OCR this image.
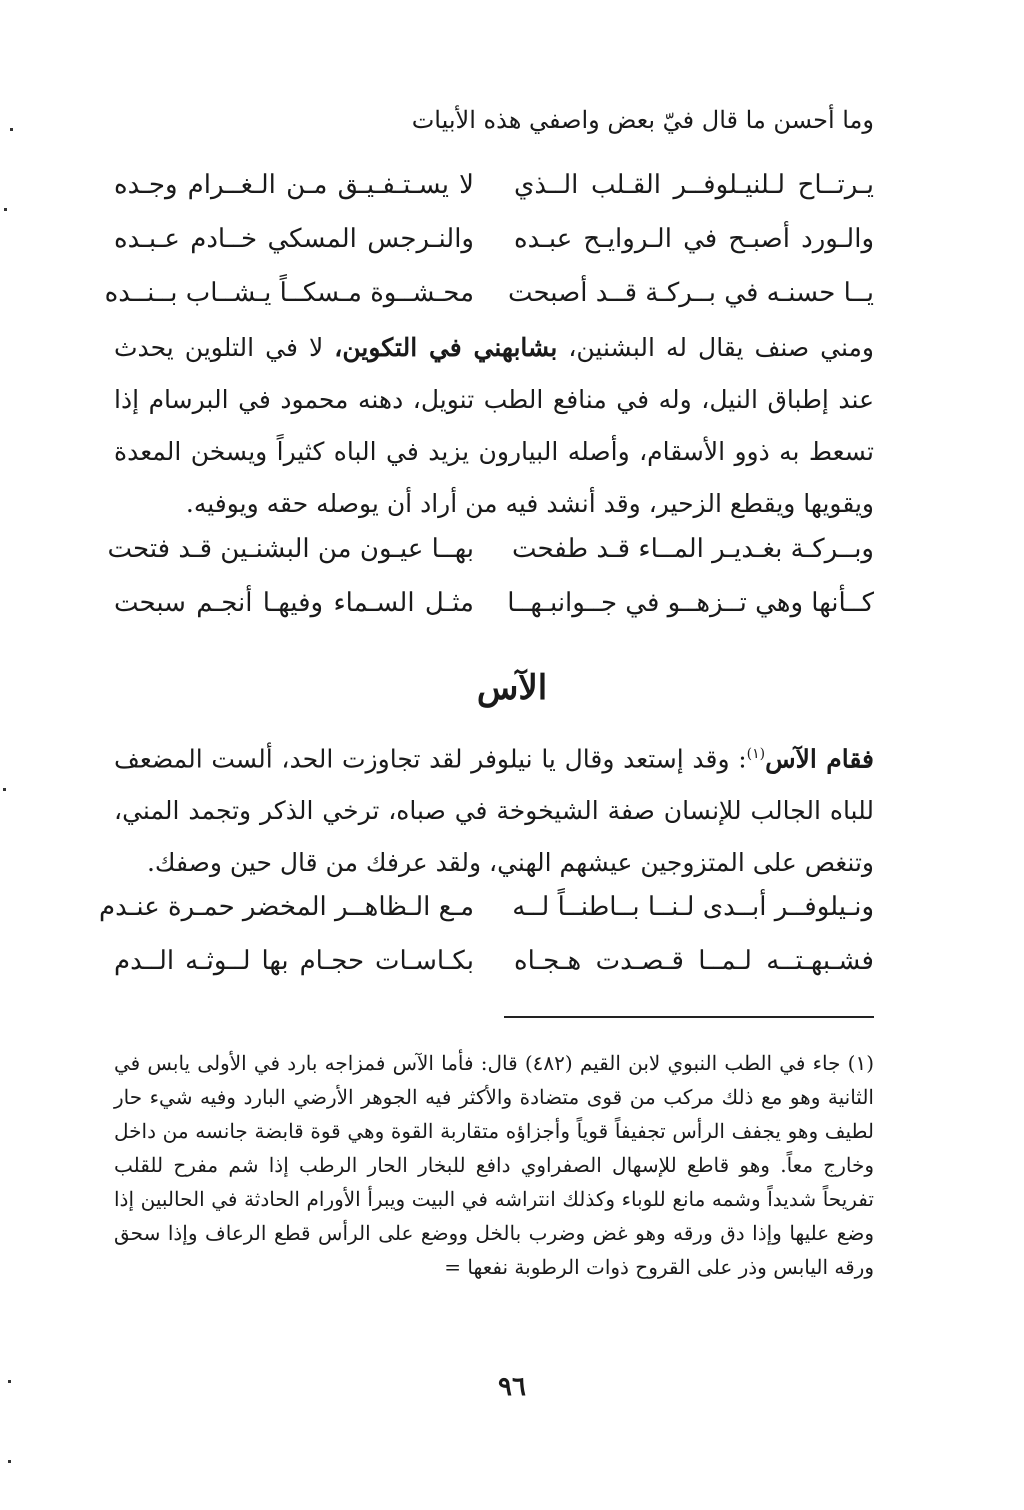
وما أحسن ما قال فيّ بعض واصفي هذه الأبيات
يـرتــاح لـلنيـلوفــر القـلب الــذي
لا يسـتـفـيـق مـن الـغــرام وجـده
والـورد أصبـح في الـروايـح عبـده
والنـرجس المسكي خــادم عـبـده
يــا حسنـه في بــركـة قــد أصبحت
محـشــوة مـسكــاً يـشــاب بــنــده
ومني صنف يقال له البشنين، بشابهني في التكوين، لا في التلوين يحدث عند إطباق النيل، وله في منافع الطب تنويل، دهنه محمود في البرسام إذا تسعط به ذوو الأسقام، وأصله البيارون يزيد في الباه كثيراً ويسخن المعدة ويقويها ويقطع الزحير، وقد أنشد فيه من أراد أن يوصله حقه ويوفيه.
وبــركـة بغـديـر المــاء قـد طفحت
بهــا عيـون من البشنـين قـد فتحت
كــأنها وهي تــزهــو في جــوانبـهــا
مثـل السـماء وفيهـا أنجـم سبحت
الآس
فقام الآس$^{(١)}$: وقد إستعد وقال يا نيلوفر لقد تجاوزت الحد، ألست المضعف للباه الجالب للإنسان صفة الشيخوخة في صباه، ترخي الذكر وتجمد المني، وتنغص على المتزوجين عيشهم الهني، ولقد عرفك من قال حين وصفك.
ونـيلوفــر أبــدى لـنــا بــاطنــاً لــه
مـع الـظاهــر المخضر حمـرة عنـدم
فشـبهـتــه لـمــا قـصـدت هـجـاه
بكـاسـات حجـام بها لــوثـه الــدم
(١) جاء في الطب النبوي لابن القيم (٤٨٢) قال: فأما الآس فمزاجه بارد في الأولى يابس في الثانية وهو مع ذلك مركب من قوى متضادة والأكثر فيه الجوهر الأرضي البارد وفيه شيء حار لطيف وهو يجفف الرأس تجفيفاً قوياً وأجزاؤه متقاربة القوة وهي قوة قابضة جانسه من داخل وخارج معاً. وهو قاطع للإسهال الصفراوي دافع للبخار الحار الرطب إذا شم مفرح للقلب تفريحاً شديداً وشمه مانع للوباء وكذلك انتراشه في البيت ويبرأ الأورام الحادثة في الحالبين إذا وضع عليها وإذا دق ورقه وهو غض وضرب بالخل ووضع على الرأس قطع الرعاف وإذا سحق ورقه اليابس وذر على القروح ذوات الرطوبة نفعها =
٩٦
